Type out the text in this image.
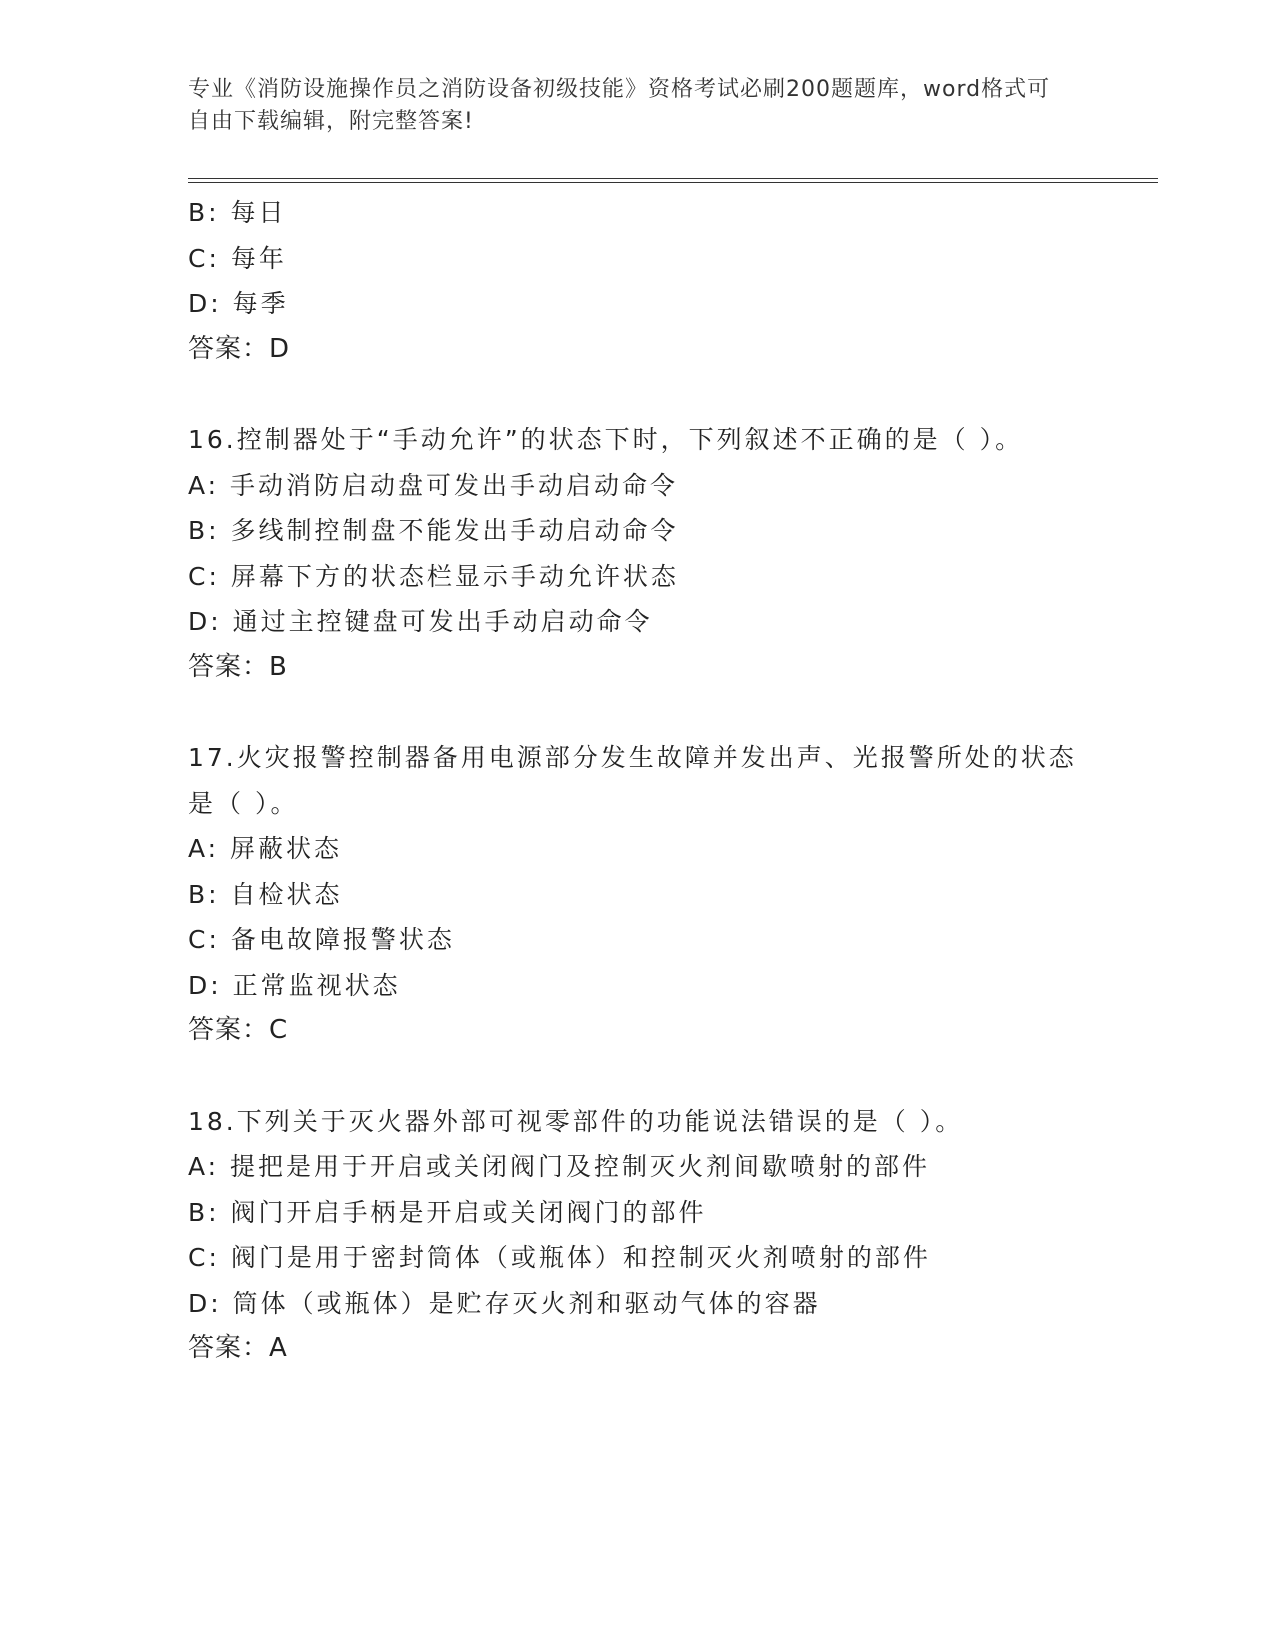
专业《消防设施操作员之消防设备初级技能》资格考试必刷200题题库，word格式可自由下载编辑，附完整答案!
B: 每日
C: 每年
D: 每季
答案：D
16.控制器处于“手动允许”的状态下时，下列叙述不正确的是（ ）。
A: 手动消防启动盘可发出手动启动命令
B: 多线制控制盘不能发出手动启动命令
C: 屏幕下方的状态栏显示手动允许状态
D: 通过主控键盘可发出手动启动命令
答案：B
17.火灾报警控制器备用电源部分发生故障并发出声、光报警所处的状态是（ ）。
A: 屏蔽状态
B: 自检状态
C: 备电故障报警状态
D: 正常监视状态
答案：C
18.下列关于灭火器外部可视零部件的功能说法错误的是（ ）。
A: 提把是用于开启或关闭阀门及控制灭火剂间歇喷射的部件
B: 阀门开启手柄是开启或关闭阀门的部件
C: 阀门是用于密封筒体（或瓶体）和控制灭火剂喷射的部件
D: 筒体（或瓶体）是贮存灭火剂和驱动气体的容器
答案：A
